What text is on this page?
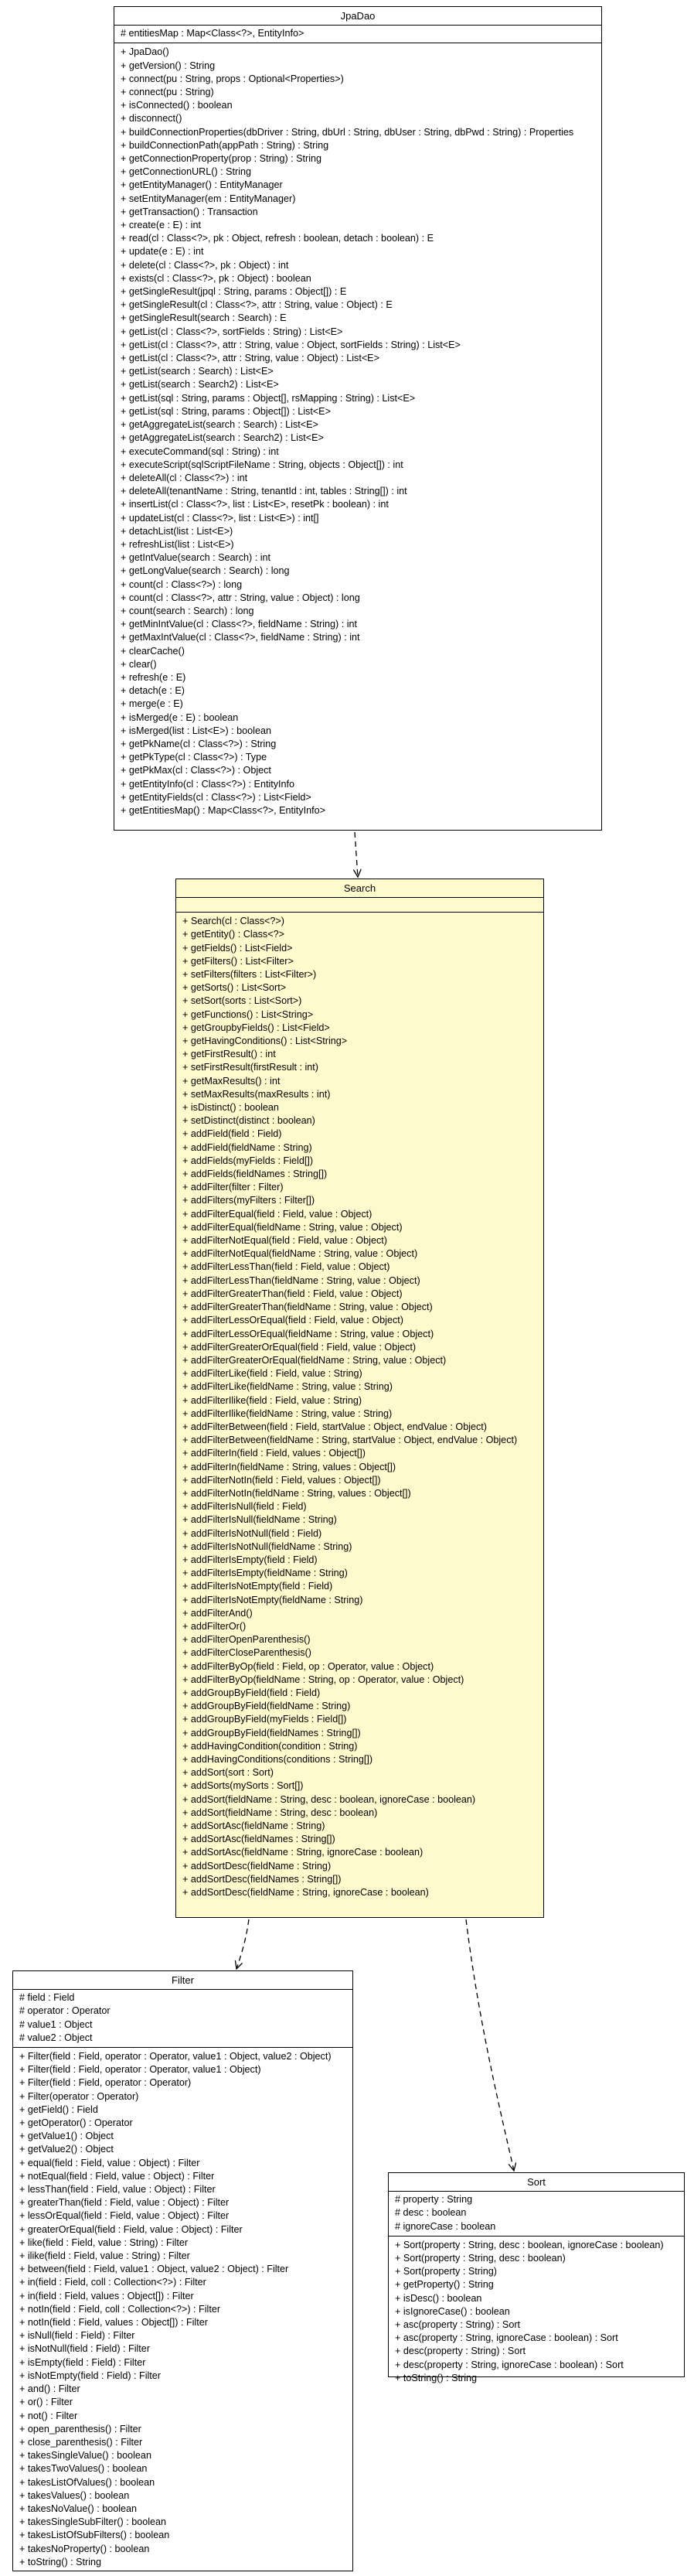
JpaDao
# entitiesMap : Map<Class<?>, EntityInfo>
+ JpaDao()
+ getVersion() : String
+ connect(pu : String, props : Optional<Properties>)
+ connect(pu : String)
+ isConnected() : boolean
+ disconnect()
+ buildConnectionProperties(dbDriver : String, dbUrl : String, dbUser : String, dbPwd : String) : Properties
+ buildConnectionPath(appPath : String) : String
+ getConnectionProperty(prop : String) : String
+ getConnectionURL() : String
+ getEntityManager() : EntityManager
+ setEntityManager(em : EntityManager)
+ getTransaction() : Transaction
+ create(e : E) : int
+ read(cl : Class<?>, pk : Object, refresh : boolean, detach : boolean) : E
+ update(e : E) : int
+ delete(cl : Class<?>, pk : Object) : int
+ exists(cl : Class<?>, pk : Object) : boolean
+ getSingleResult(jpql : String, params : Object[]) : E
+ getSingleResult(cl : Class<?>, attr : String, value : Object) : E
+ getSingleResult(search : Search) : E
+ getList(cl : Class<?>, sortFields : String) : List<E>
+ getList(cl : Class<?>, attr : String, value : Object, sortFields : String) : List<E>
+ getList(cl : Class<?>, attr : String, value : Object) : List<E>
+ getList(search : Search) : List<E>
+ getList(search : Search2) : List<E>
+ getList(sql : String, params : Object[], rsMapping : String) : List<E>
+ getList(sql : String, params : Object[]) : List<E>
+ getAggregateList(search : Search) : List<E>
+ getAggregateList(search : Search2) : List<E>
+ executeCommand(sql : String) : int
+ executeScript(sqlScriptFileName : String, objects : Object[]) : int
+ deleteAll(cl : Class<?>) : int
+ deleteAll(tenantName : String, tenantId : int, tables : String[]) : int
+ insertList(cl : Class<?>, list : List<E>, resetPk : boolean) : int
+ updateList(cl : Class<?>, list : List<E>) : int[]
+ detachList(list : List<E>)
+ refreshList(list : List<E>)
+ getIntValue(search : Search) : int
+ getLongValue(search : Search) : long
+ count(cl : Class<?>) : long
+ count(cl : Class<?>, attr : String, value : Object) : long
+ count(search : Search) : long
+ getMinIntValue(cl : Class<?>, fieldName : String) : int
+ getMaxIntValue(cl : Class<?>, fieldName : String) : int
+ clearCache()
+ clear()
+ refresh(e : E)
+ detach(e : E)
+ merge(e : E)
+ isMerged(e : E) : boolean
+ isMerged(list : List<E>) : boolean
+ getPkName(cl : Class<?>) : String
+ getPkType(cl : Class<?>) : Type
+ getPkMax(cl : Class<?>) : Object
+ getEntityInfo(cl : Class<?>) : EntityInfo
+ getEntityFields(cl : Class<?>) : List<Field>
+ getEntitiesMap() : Map<Class<?>, EntityInfo>
Search
+ Search(cl : Class<?>)
+ getEntity() : Class<?>
+ getFields() : List<Field>
+ getFilters() : List<Filter>
+ setFilters(filters : List<Filter>)
+ getSorts() : List<Sort>
+ setSort(sorts : List<Sort>)
+ getFunctions() : List<String>
+ getGroupbyFields() : List<Field>
+ getHavingConditions() : List<String>
+ getFirstResult() : int
+ setFirstResult(firstResult : int)
+ getMaxResults() : int
+ setMaxResults(maxResults : int)
+ isDistinct() : boolean
+ setDistinct(distinct : boolean)
+ addField(field : Field)
+ addField(fieldName : String)
+ addFields(myFields : Field[])
+ addFields(fieldNames : String[])
+ addFilter(filter : Filter)
+ addFilters(myFilters : Filter[])
+ addFilterEqual(field : Field, value : Object)
+ addFilterEqual(fieldName : String, value : Object)
+ addFilterNotEqual(field : Field, value : Object)
+ addFilterNotEqual(fieldName : String, value : Object)
+ addFilterLessThan(field : Field, value : Object)
+ addFilterLessThan(fieldName : String, value : Object)
+ addFilterGreaterThan(field : Field, value : Object)
+ addFilterGreaterThan(fieldName : String, value : Object)
+ addFilterLessOrEqual(field : Field, value : Object)
+ addFilterLessOrEqual(fieldName : String, value : Object)
+ addFilterGreaterOrEqual(field : Field, value : Object)
+ addFilterGreaterOrEqual(fieldName : String, value : Object)
+ addFilterLike(field : Field, value : String)
+ addFilterLike(fieldName : String, value : String)
+ addFilterIlike(field : Field, value : String)
+ addFilterIlike(fieldName : String, value : String)
+ addFilterBetween(field : Field, startValue : Object, endValue : Object)
+ addFilterBetween(fieldName : String, startValue : Object, endValue : Object)
+ addFilterIn(field : Field, values : Object[])
+ addFilterIn(fieldName : String, values : Object[])
+ addFilterNotIn(field : Field, values : Object[])
+ addFilterNotIn(fieldName : String, values : Object[])
+ addFilterIsNull(field : Field)
+ addFilterIsNull(fieldName : String)
+ addFilterIsNotNull(field : Field)
+ addFilterIsNotNull(fieldName : String)
+ addFilterIsEmpty(field : Field)
+ addFilterIsEmpty(fieldName : String)
+ addFilterIsNotEmpty(field : Field)
+ addFilterIsNotEmpty(fieldName : String)
+ addFilterAnd()
+ addFilterOr()
+ addFilterOpenParenthesis()
+ addFilterCloseParenthesis()
+ addFilterByOp(field : Field, op : Operator, value : Object)
+ addFilterByOp(fieldName : String, op : Operator, value : Object)
+ addGroupByField(field : Field)
+ addGroupByField(fieldName : String)
+ addGroupByField(myFields : Field[])
+ addGroupByField(fieldNames : String[])
+ addHavingCondition(condition : String)
+ addHavingConditions(conditions : String[])
+ addSort(sort : Sort)
+ addSorts(mySorts : Sort[])
+ addSort(fieldName : String, desc : boolean, ignoreCase : boolean)
+ addSort(fieldName : String, desc : boolean)
+ addSortAsc(fieldName : String)
+ addSortAsc(fieldNames : String[])
+ addSortAsc(fieldName : String, ignoreCase : boolean)
+ addSortDesc(fieldName : String)
+ addSortDesc(fieldNames : String[])
+ addSortDesc(fieldName : String, ignoreCase : boolean)
Filter
# field : Field
# operator : Operator
# value1 : Object
# value2 : Object
+ Filter(field : Field, operator : Operator, value1 : Object, value2 : Object)
+ Filter(field : Field, operator : Operator, value1 : Object)
+ Filter(field : Field, operator : Operator)
+ Filter(operator : Operator)
+ getField() : Field
+ getOperator() : Operator
+ getValue1() : Object
+ getValue2() : Object
+ equal(field : Field, value : Object) : Filter
+ notEqual(field : Field, value : Object) : Filter
+ lessThan(field : Field, value : Object) : Filter
+ greaterThan(field : Field, value : Object) : Filter
+ lessOrEqual(field : Field, value : Object) : Filter
+ greaterOrEqual(field : Field, value : Object) : Filter
+ like(field : Field, value : String) : Filter
+ ilike(field : Field, value : String) : Filter
+ between(field : Field, value1 : Object, value2 : Object) : Filter
+ in(field : Field, coll : Collection<?>) : Filter
+ in(field : Field, values : Object[]) : Filter
+ notIn(field : Field, coll : Collection<?>) : Filter
+ notIn(field : Field, values : Object[]) : Filter
+ isNull(field : Field) : Filter
+ isNotNull(field : Field) : Filter
+ isEmpty(field : Field) : Filter
+ isNotEmpty(field : Field) : Filter
+ and() : Filter
+ or() : Filter
+ not() : Filter
+ open_parenthesis() : Filter
+ close_parenthesis() : Filter
+ takesSingleValue() : boolean
+ takesTwoValues() : boolean
+ takesListOfValues() : boolean
+ takesValues() : boolean
+ takesNoValue() : boolean
+ takesSingleSubFilter() : boolean
+ takesListOfSubFilters() : boolean
+ takesNoProperty() : boolean
+ toString() : String
Sort
# property : String
# desc : boolean
# ignoreCase : boolean
+ Sort(property : String, desc : boolean, ignoreCase : boolean)
+ Sort(property : String, desc : boolean)
+ Sort(property : String)
+ getProperty() : String
+ isDesc() : boolean
+ isIgnoreCase() : boolean
+ asc(property : String) : Sort
+ asc(property : String, ignoreCase : boolean) : Sort
+ desc(property : String) : Sort
+ desc(property : String, ignoreCase : boolean) : Sort
+ toString() : String
